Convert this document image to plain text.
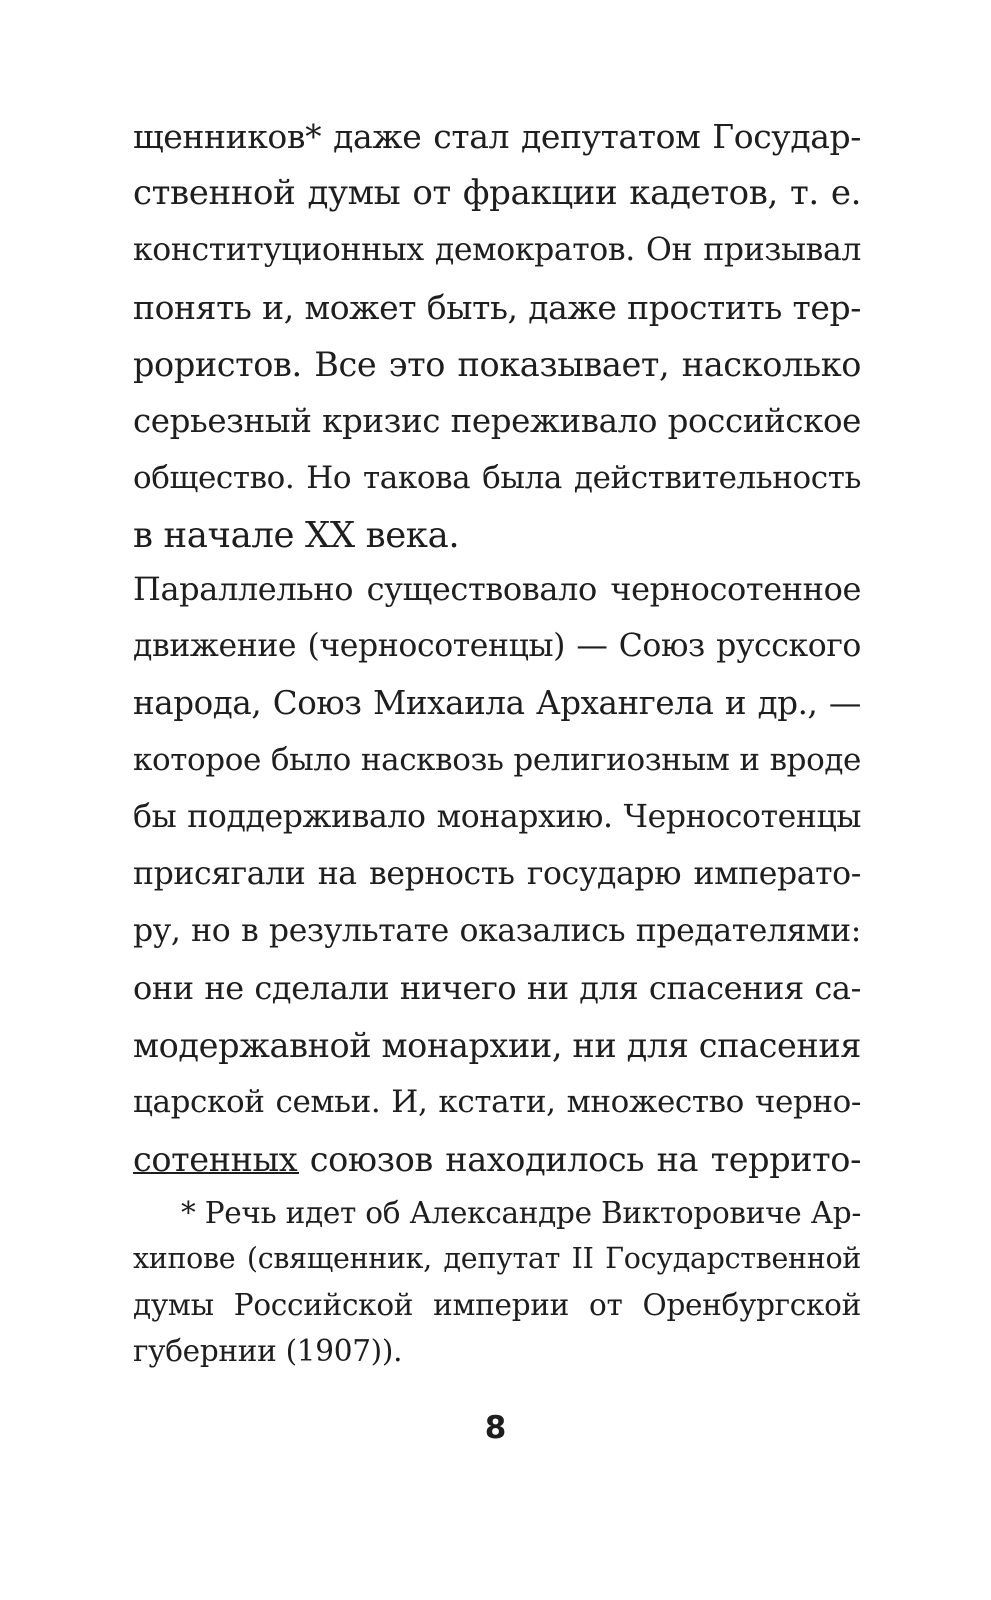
щенников* даже стал депутатом Государ-
ственной думы от фракции кадетов, т. е.
конституционных демократов. Он призывал
понять и, может быть, даже простить тер-
рористов. Все это показывает, насколько
серьезный кризис переживало российское
общество. Но такова была действительность
в начале XX века.
Параллельно существовало черносотенное
движение (черносотенцы) — Союз русского
народа, Союз Михаила Архангела и др., —
которое было насквозь религиозным и вроде
бы поддерживало монархию. Черносотенцы
присягали на верность государю императо-
ру, но в результате оказались предателями:
они не сделали ничего ни для спасения са-
модержавной монархии, ни для спасения
царской семьи. И, кстати, множество черно-
сотенных союзов находилось на террито-
* Речь идет об Александре Викторовиче Ар-
хипове (священник, депутат II Государственной
думы Российской империи от Оренбургской
губернии (1907)).
8
